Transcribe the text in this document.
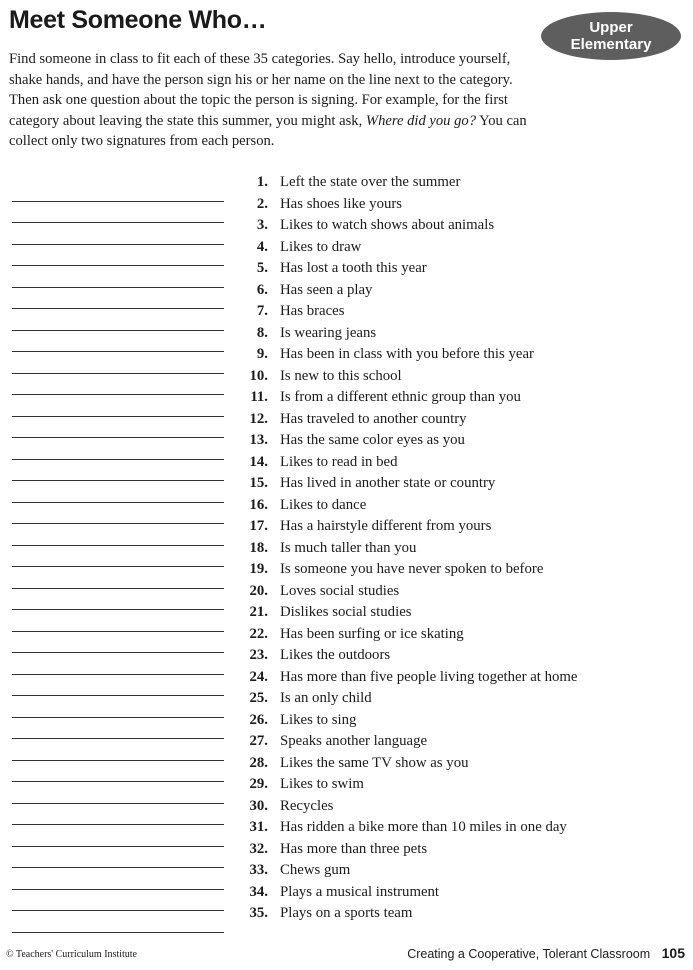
Meet Someone Who…	Upper
Elementary
Find someone in class to fit each of these 35 categories. Say hello, introduce yourself, shake hands, and have the person sign his or her name on the line next to the category. Then ask one question about the topic the person is signing. For example, for the first category about leaving the state this summer, you might ask, Where did you go? You can collect only two signatures from each person.
1. Left the state over the summer
2. Has shoes like yours
3. Likes to watch shows about animals
4. Likes to draw
5. Has lost a tooth this year
6. Has seen a play
7. Has braces
8. Is wearing jeans
9. Has been in class with you before this year
10. Is new to this school
11. Is from a different ethnic group than you
12. Has traveled to another country
13. Has the same color eyes as you
14. Likes to read in bed
15. Has lived in another state or country
16. Likes to dance
17. Has a hairstyle different from yours
18. Is much taller than you
19. Is someone you have never spoken to before
20. Loves social studies
21. Dislikes social studies
22. Has been surfing or ice skating
23. Likes the outdoors
24. Has more than five people living together at home
25. Is an only child
26. Likes to sing
27. Speaks another language
28. Likes the same TV show as you
29. Likes to swim
30. Recycles
31. Has ridden a bike more than 10 miles in one day
32. Has more than three pets
33. Chews gum
34. Plays a musical instrument
35. Plays on a sports team
© Teachers' Curriculum Institute	Creating a Cooperative, Tolerant Classroom 105
